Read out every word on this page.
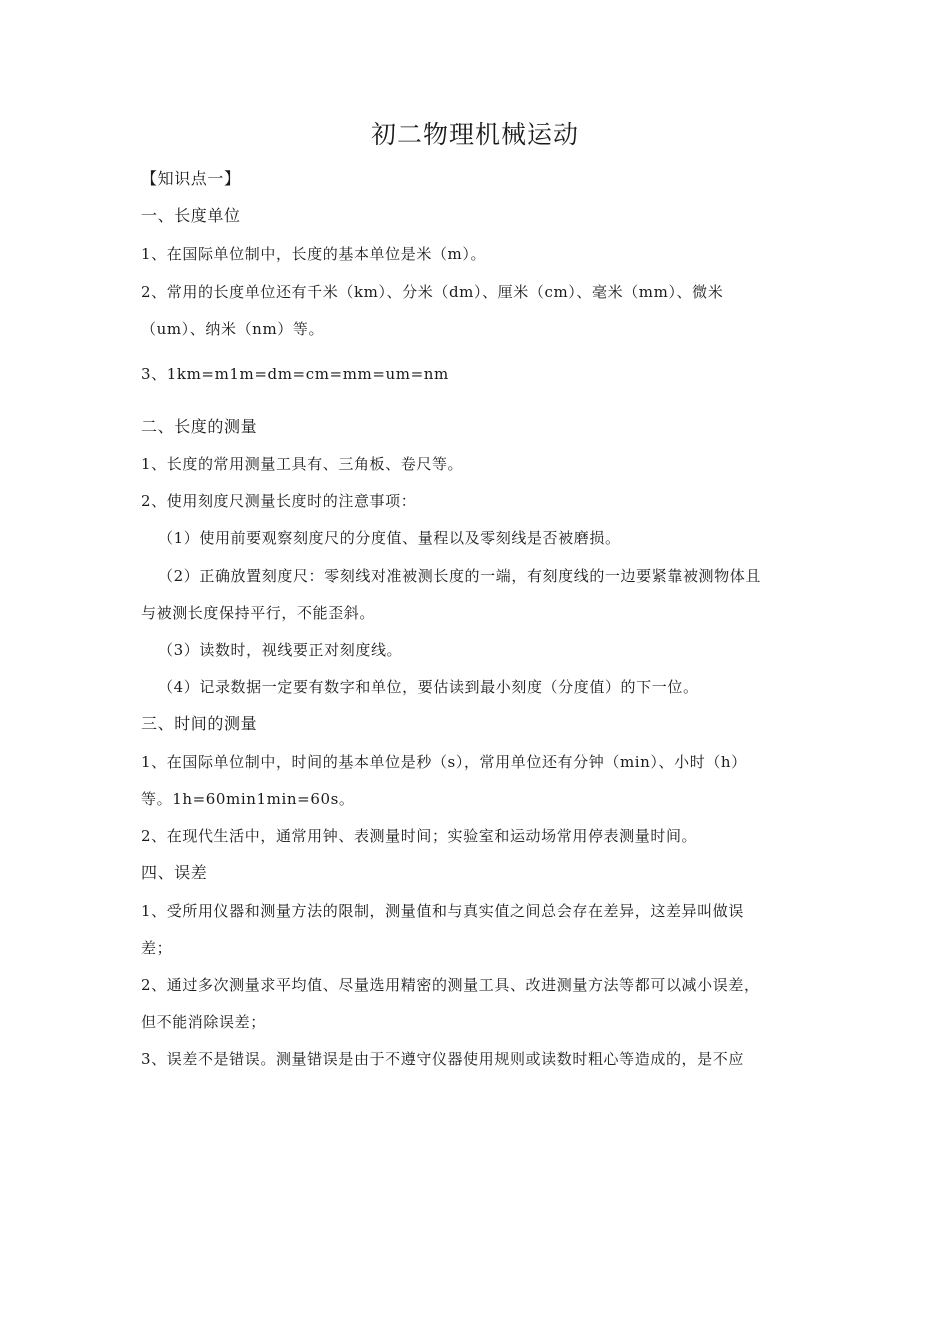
初二物理机械运动
【知识点一】
一、长度单位
1、在国际单位制中，长度的基本单位是米（m）。
2、常用的长度单位还有千米（km）、分米（dm）、厘米（cm）、毫米（mm）、微米
（um）、纳米（nm）等。
3、1km=m1m=dm=cm=mm=um=nm
二、长度的测量
1、长度的常用测量工具有、三角板、卷尺等。
2、使用刻度尺测量长度时的注意事项：
（1）使用前要观察刻度尺的分度值、量程以及零刻线是否被磨损。
（2）正确放置刻度尺：零刻线对准被测长度的一端，有刻度线的一边要紧靠被测物体且
与被测长度保持平行，不能歪斜。
（3）读数时，视线要正对刻度线。
（4）记录数据一定要有数字和单位，要估读到最小刻度（分度值）的下一位。
三、时间的测量
1、在国际单位制中，时间的基本单位是秒（s），常用单位还有分钟（min）、小时（h）
等。1h=60min1min=60s。
2、在现代生活中，通常用钟、表测量时间；实验室和运动场常用停表测量时间。
四、误差
1、受所用仪器和测量方法的限制，测量值和与真实值之间总会存在差异，这差异叫做误
差；
2、通过多次测量求平均值、尽量选用精密的测量工具、改进测量方法等都可以减小误差，
但不能消除误差；
3、误差不是错误。测量错误是由于不遵守仪器使用规则或读数时粗心等造成的，是不应
